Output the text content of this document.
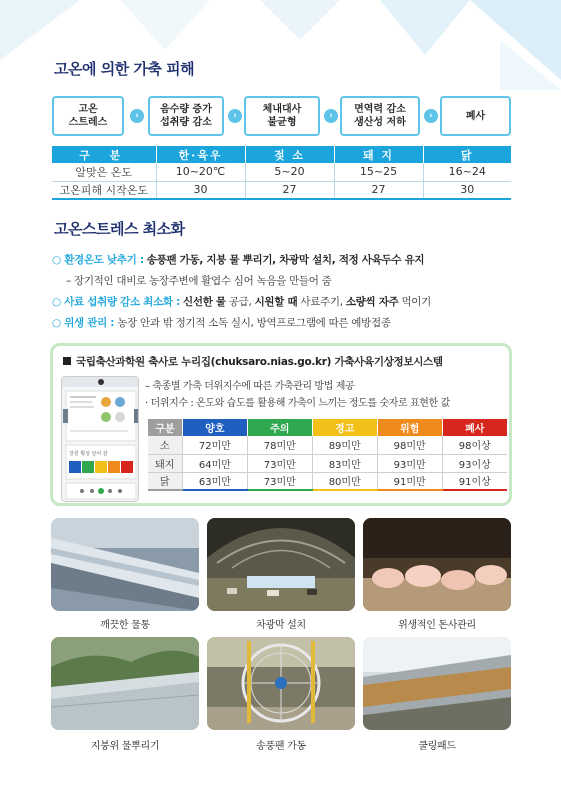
고온에 의한 가축 피해
고온
스트레스
›
음수량 증가
섭취량 감소
›
체내대사
불균형
›
면역력 감소
생산성 저하
›	폐사
구 분	한·육우	젖 소	돼 지	닭
알맞은 온도	10~20℃	5~20	15~25	16~24
고온피해 시작온도	30	27	27	30
고온스트레스 최소화
○ 환경온도 낮추기 : 송풍팬 가동, 지붕 물 뿌리기, 차광막 설치, 적정 사육두수 유지
– 장기적인 대비로 농장주변에 활엽수 심어 녹음을 만들어 줌
○ 사료 섭취량 감소 최소화 : 신선한 물 공급, 시원할 때 사료주기, 소량씩 자주 먹이기
○ 위생 관리 : 농장 안과 밖 정기적 소독 실시, 방역프로그램에 따른 예방접종
국립축산과학원 축사로 누리집(chuksaro.nias.go.kr) 가축사육기상정보시스템
강원 횡성 날씨 감
– 축종별 가축 더위지수에 따른 가축관리 방법 제공
· 더위지수 : 온도와 습도를 활용해 가축이 느끼는 정도를 숫자로 표현한 값
구분	양호	주의	경고	위험	폐사
소	72미만	78미만	89미만	98미만	98이상
돼지	64미만	73미만	83미만	93미만	93이상
닭	63미만	73미만	80미만	91미만	91이상
깨끗한 물통	차광막 설치	위생적인 돈사관리
지붕위 물뿌리기	송풍팬 가동	쿨링패드
